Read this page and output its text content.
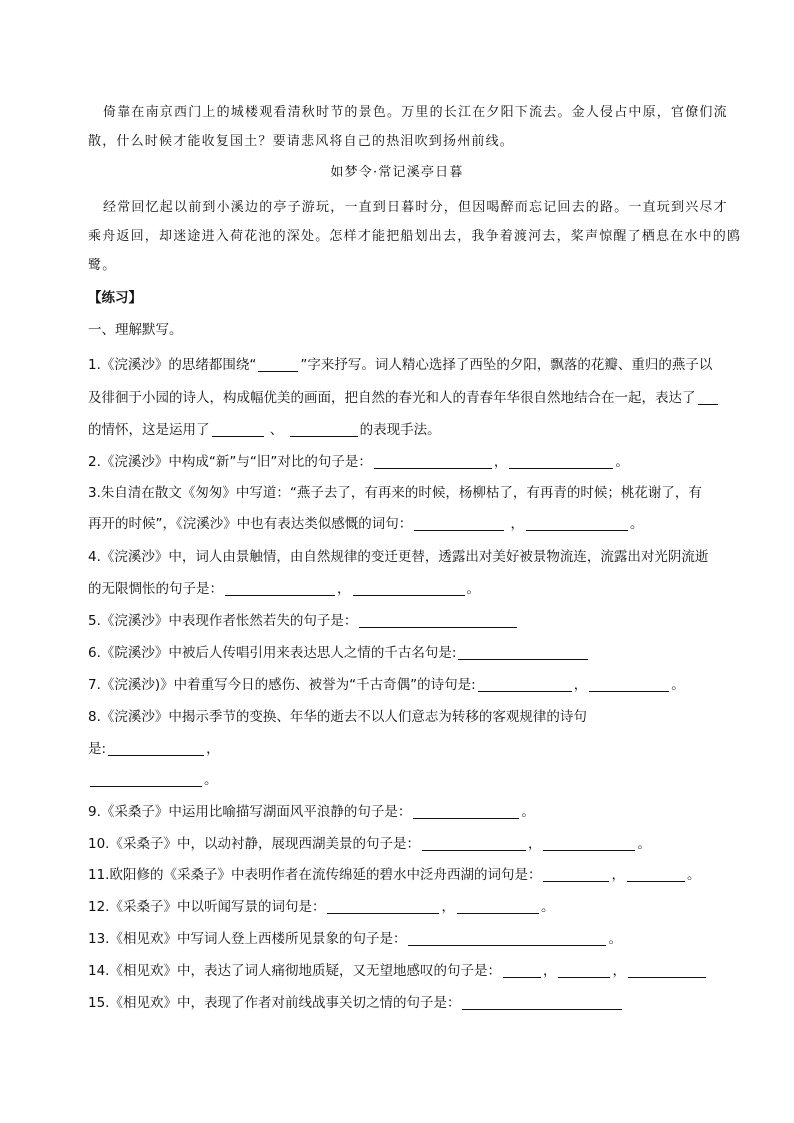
倚靠在南京西门上的城楼观看清秋时节的景色。万里的长江在夕阳下流去。金人侵占中原，官僚们流
散，什么时候才能收复国土？要请悲风将自己的热泪吹到扬州前线。
如梦令·常记溪亭日暮
经常回忆起以前到小溪边的亭子游玩，一直到日暮时分，但因喝醉而忘记回去的路。一直玩到兴尽才
乘舟返回，却迷途进入荷花池的深处。怎样才能把船划出去，我争着渡河去，桨声惊醒了栖息在水中的鸥
鹭。
【练习】
一、理解默写。
1.《浣溪沙》的思绪都围绕“	”字来抒写。词人精心选择了西坠的夕阳，飘落的花瓣、重归的燕子以
及徘徊于小园的诗人，构成幅优美的画面，把自然的春光和人的青春年华很自然地结合在一起，表达了
的情怀，这是运用了	、	的表现手法。
2.《浣溪沙》中构成“新”与“旧”对比的句子是：	，	。
3.朱自清在散文《匆匆》中写道：“燕子去了，有再来的时候，杨柳枯了，有再青的时候；桃花谢了，有
再开的时候”，《浣溪沙》中也有表达类似感慨的词句：	，	。
4.《浣溪沙》中，词人由景触情，由自然规律的变迁更替，透露出对美好被景物流连，流露出对光阴流逝
的无限惆怅的句子是：	，	。
5.《浣溪沙》中表现作者怅然若失的句子是：
6.《院溪沙》中被后人传唱引用来表达思人之情的千古名句是:
7.《浣溪沙)》中着重写今日的感伤、被誉为“千古奇偶”的诗句是:	，	。
8.《浣溪沙》中揭示季节的变换、年华的逝去不以人们意志为转移的客观规律的诗句
是:	，
。
9.《采桑子》中运用比喻描写湖面风平浪静的句子是：	。
10.《采桑子》中，以动衬静，展现西湖美景的句子是：	，	。
11.欧阳修的《采桑子》中表明作者在流传绵延的碧水中泛舟西湖的词句是：	，	。
12.《采桑子》中以听闻写景的词句是：	，	。
13.《相见欢》中写词人登上西楼所见景象的句子是：	。
14.《相见欢》中，表达了词人痛彻地质疑，又无望地感叹的句子是：	，	，
15.《相见欢》中，表现了作者对前线战事关切之情的句子是：
